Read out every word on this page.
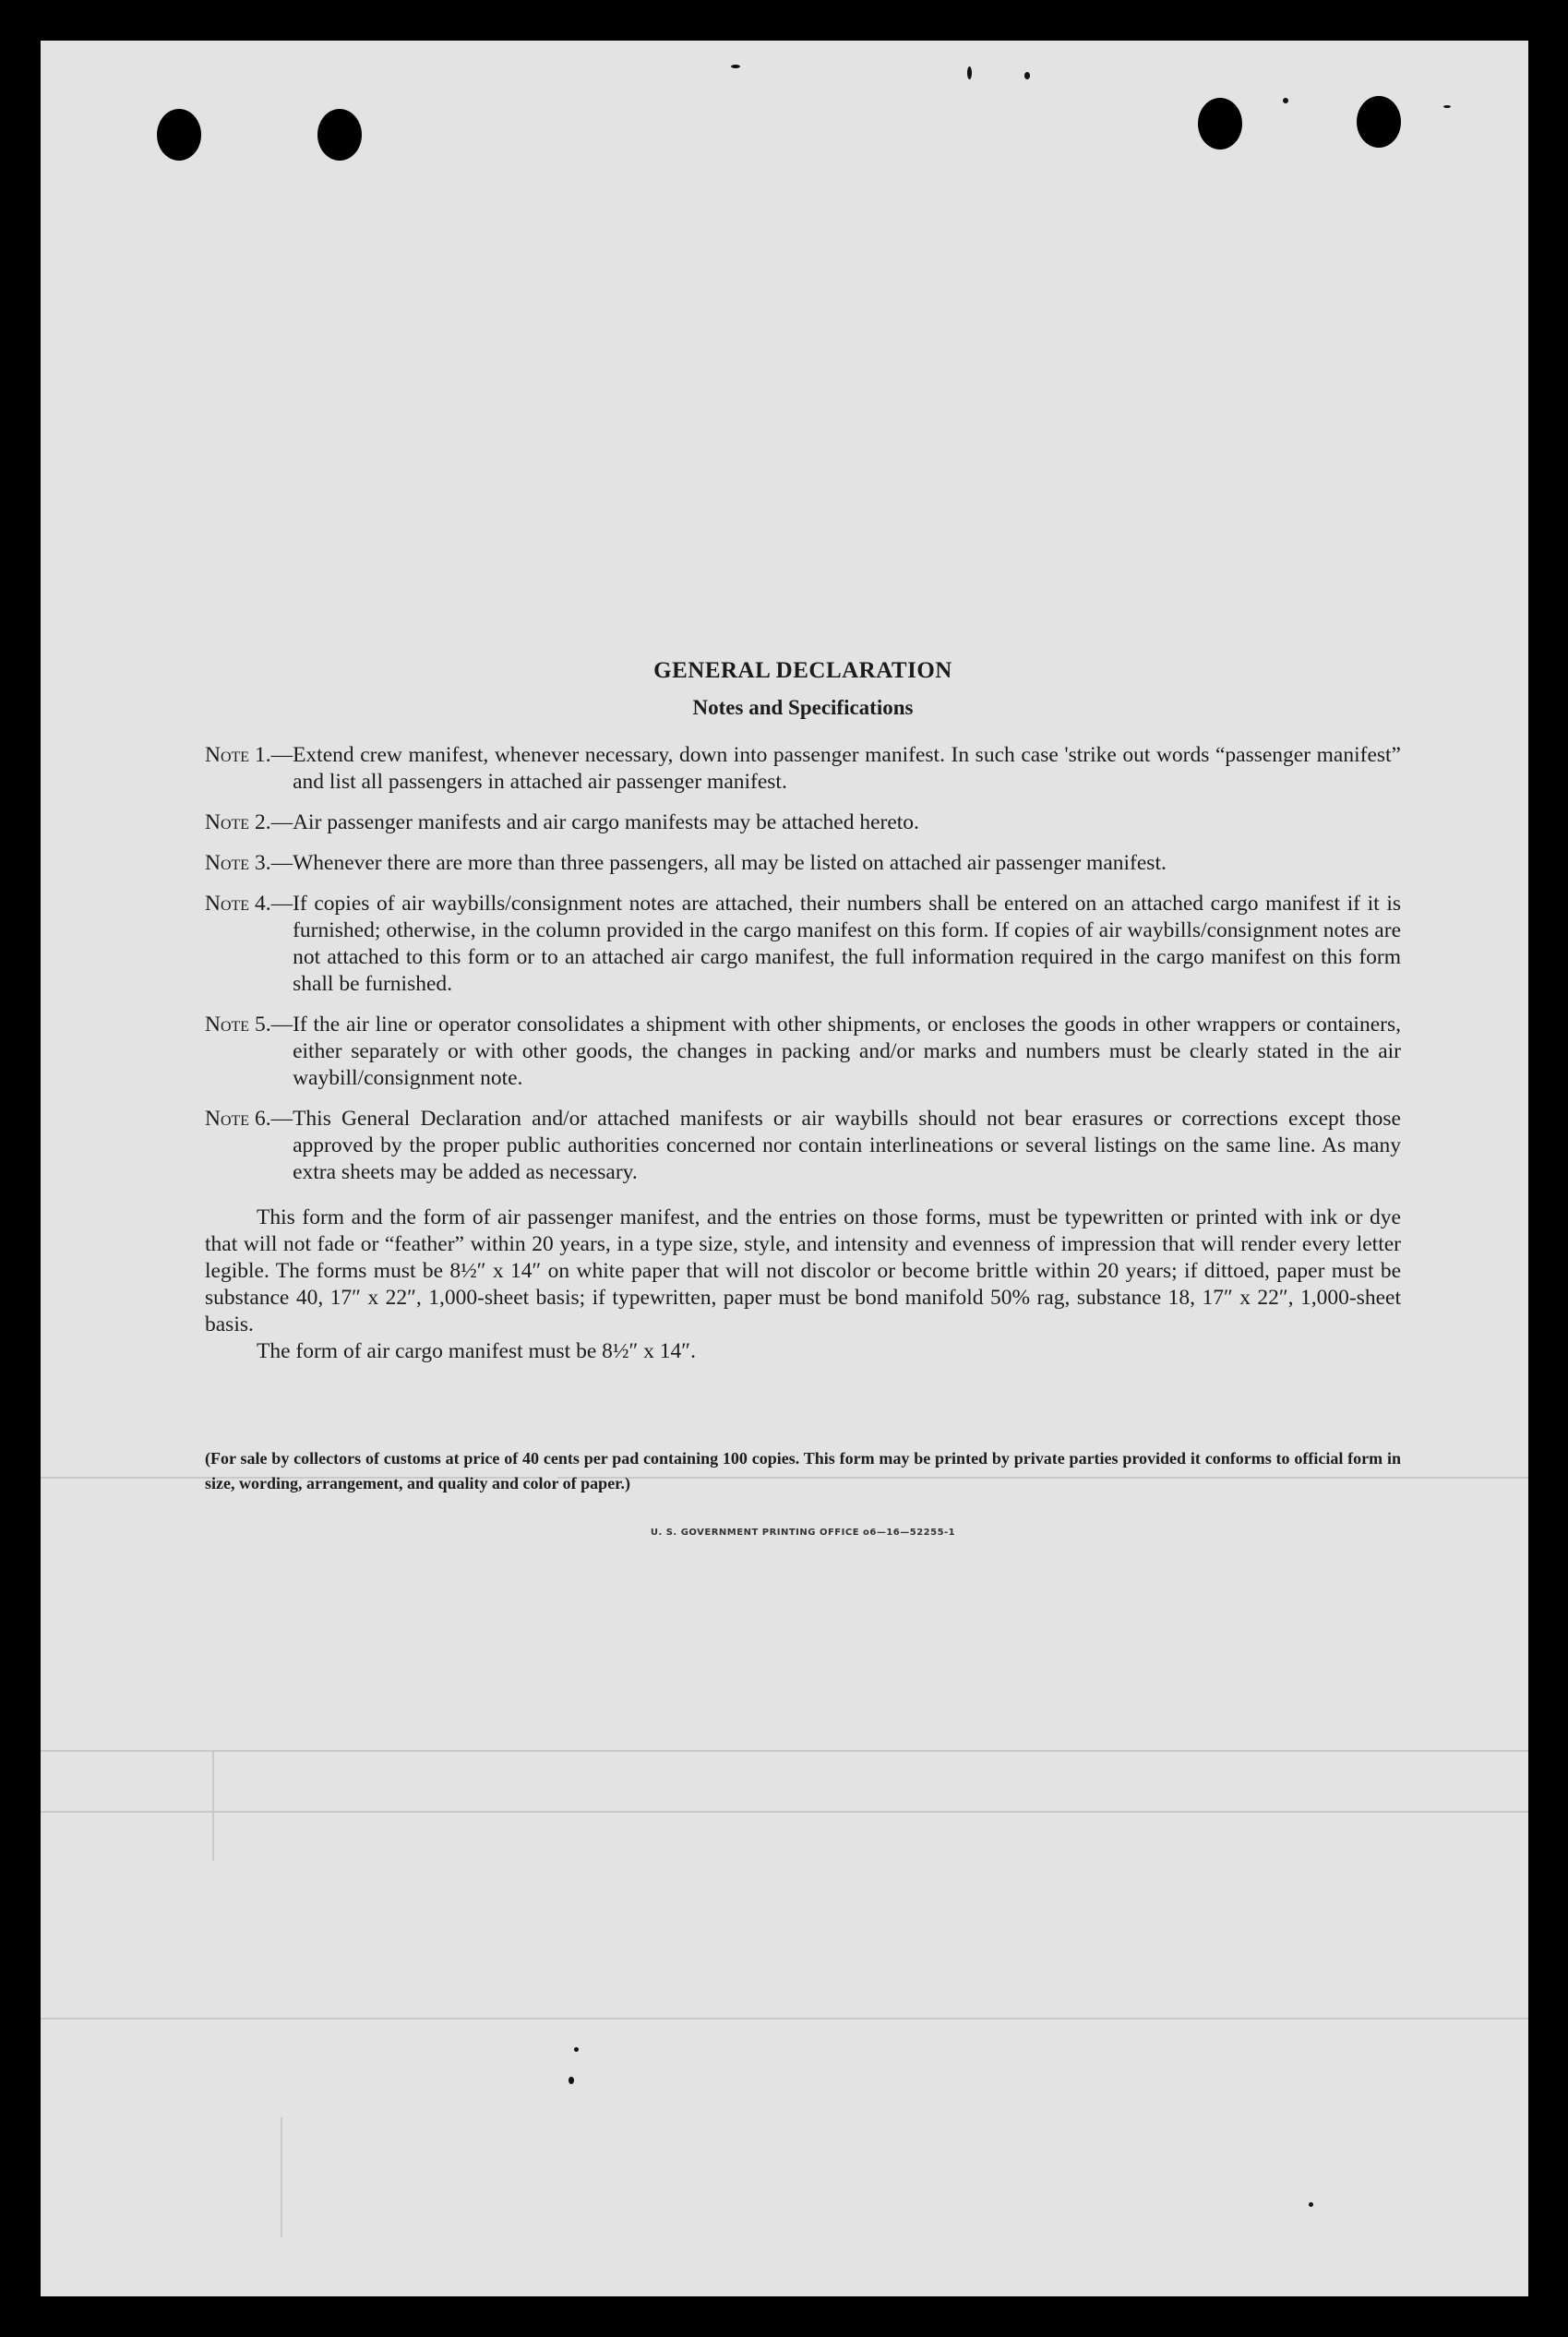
GENERAL DECLARATION
Notes and Specifications
Note 1.— Extend crew manifest, whenever necessary, down into passenger manifest. In such case 'strike out words “passenger manifest” and list all passengers in attached air passenger manifest.
Note 2.— Air passenger manifests and air cargo manifests may be attached hereto.
Note 3.— Whenever there are more than three passengers, all may be listed on attached air passenger manifest.
Note 4.— If copies of air waybills/consignment notes are attached, their numbers shall be entered on an attached cargo manifest if it is furnished; otherwise, in the column provided in the cargo manifest on this form. If copies of air waybills/consignment notes are not attached to this form or to an attached air cargo manifest, the full information required in the cargo manifest on this form shall be furnished.
Note 5.— If the air line or operator consolidates a shipment with other shipments, or encloses the goods in other wrappers or containers, either separately or with other goods, the changes in packing and/or marks and numbers must be clearly stated in the air waybill/consignment note.
Note 6.— This General Declaration and/or attached manifests or air waybills should not bear erasures or corrections except those approved by the proper public authorities concerned nor contain interlineations or several listings on the same line. As many extra sheets may be added as necessary.
This form and the form of air passenger manifest, and the entries on those forms, must be typewritten or printed with ink or dye that will not fade or “feather” within 20 years, in a type size, style, and intensity and evenness of impression that will render every letter legible. The forms must be 8½″ x 14″ on white paper that will not discolor or become brittle within 20 years; if dittoed, paper must be substance 40, 17″ x 22″, 1,000-sheet basis; if typewritten, paper must be bond manifold 50% rag, substance 18, 17″ x 22″, 1,000-sheet basis.
The form of air cargo manifest must be 8½″ x 14″.
(For sale by collectors of customs at price of 40 cents per pad containing 100 copies. This form may be printed by private parties provided it conforms to official form in size, wording, arrangement, and quality and color of paper.)
U. S. GOVERNMENT PRINTING OFFICE o6—16—52255-1
